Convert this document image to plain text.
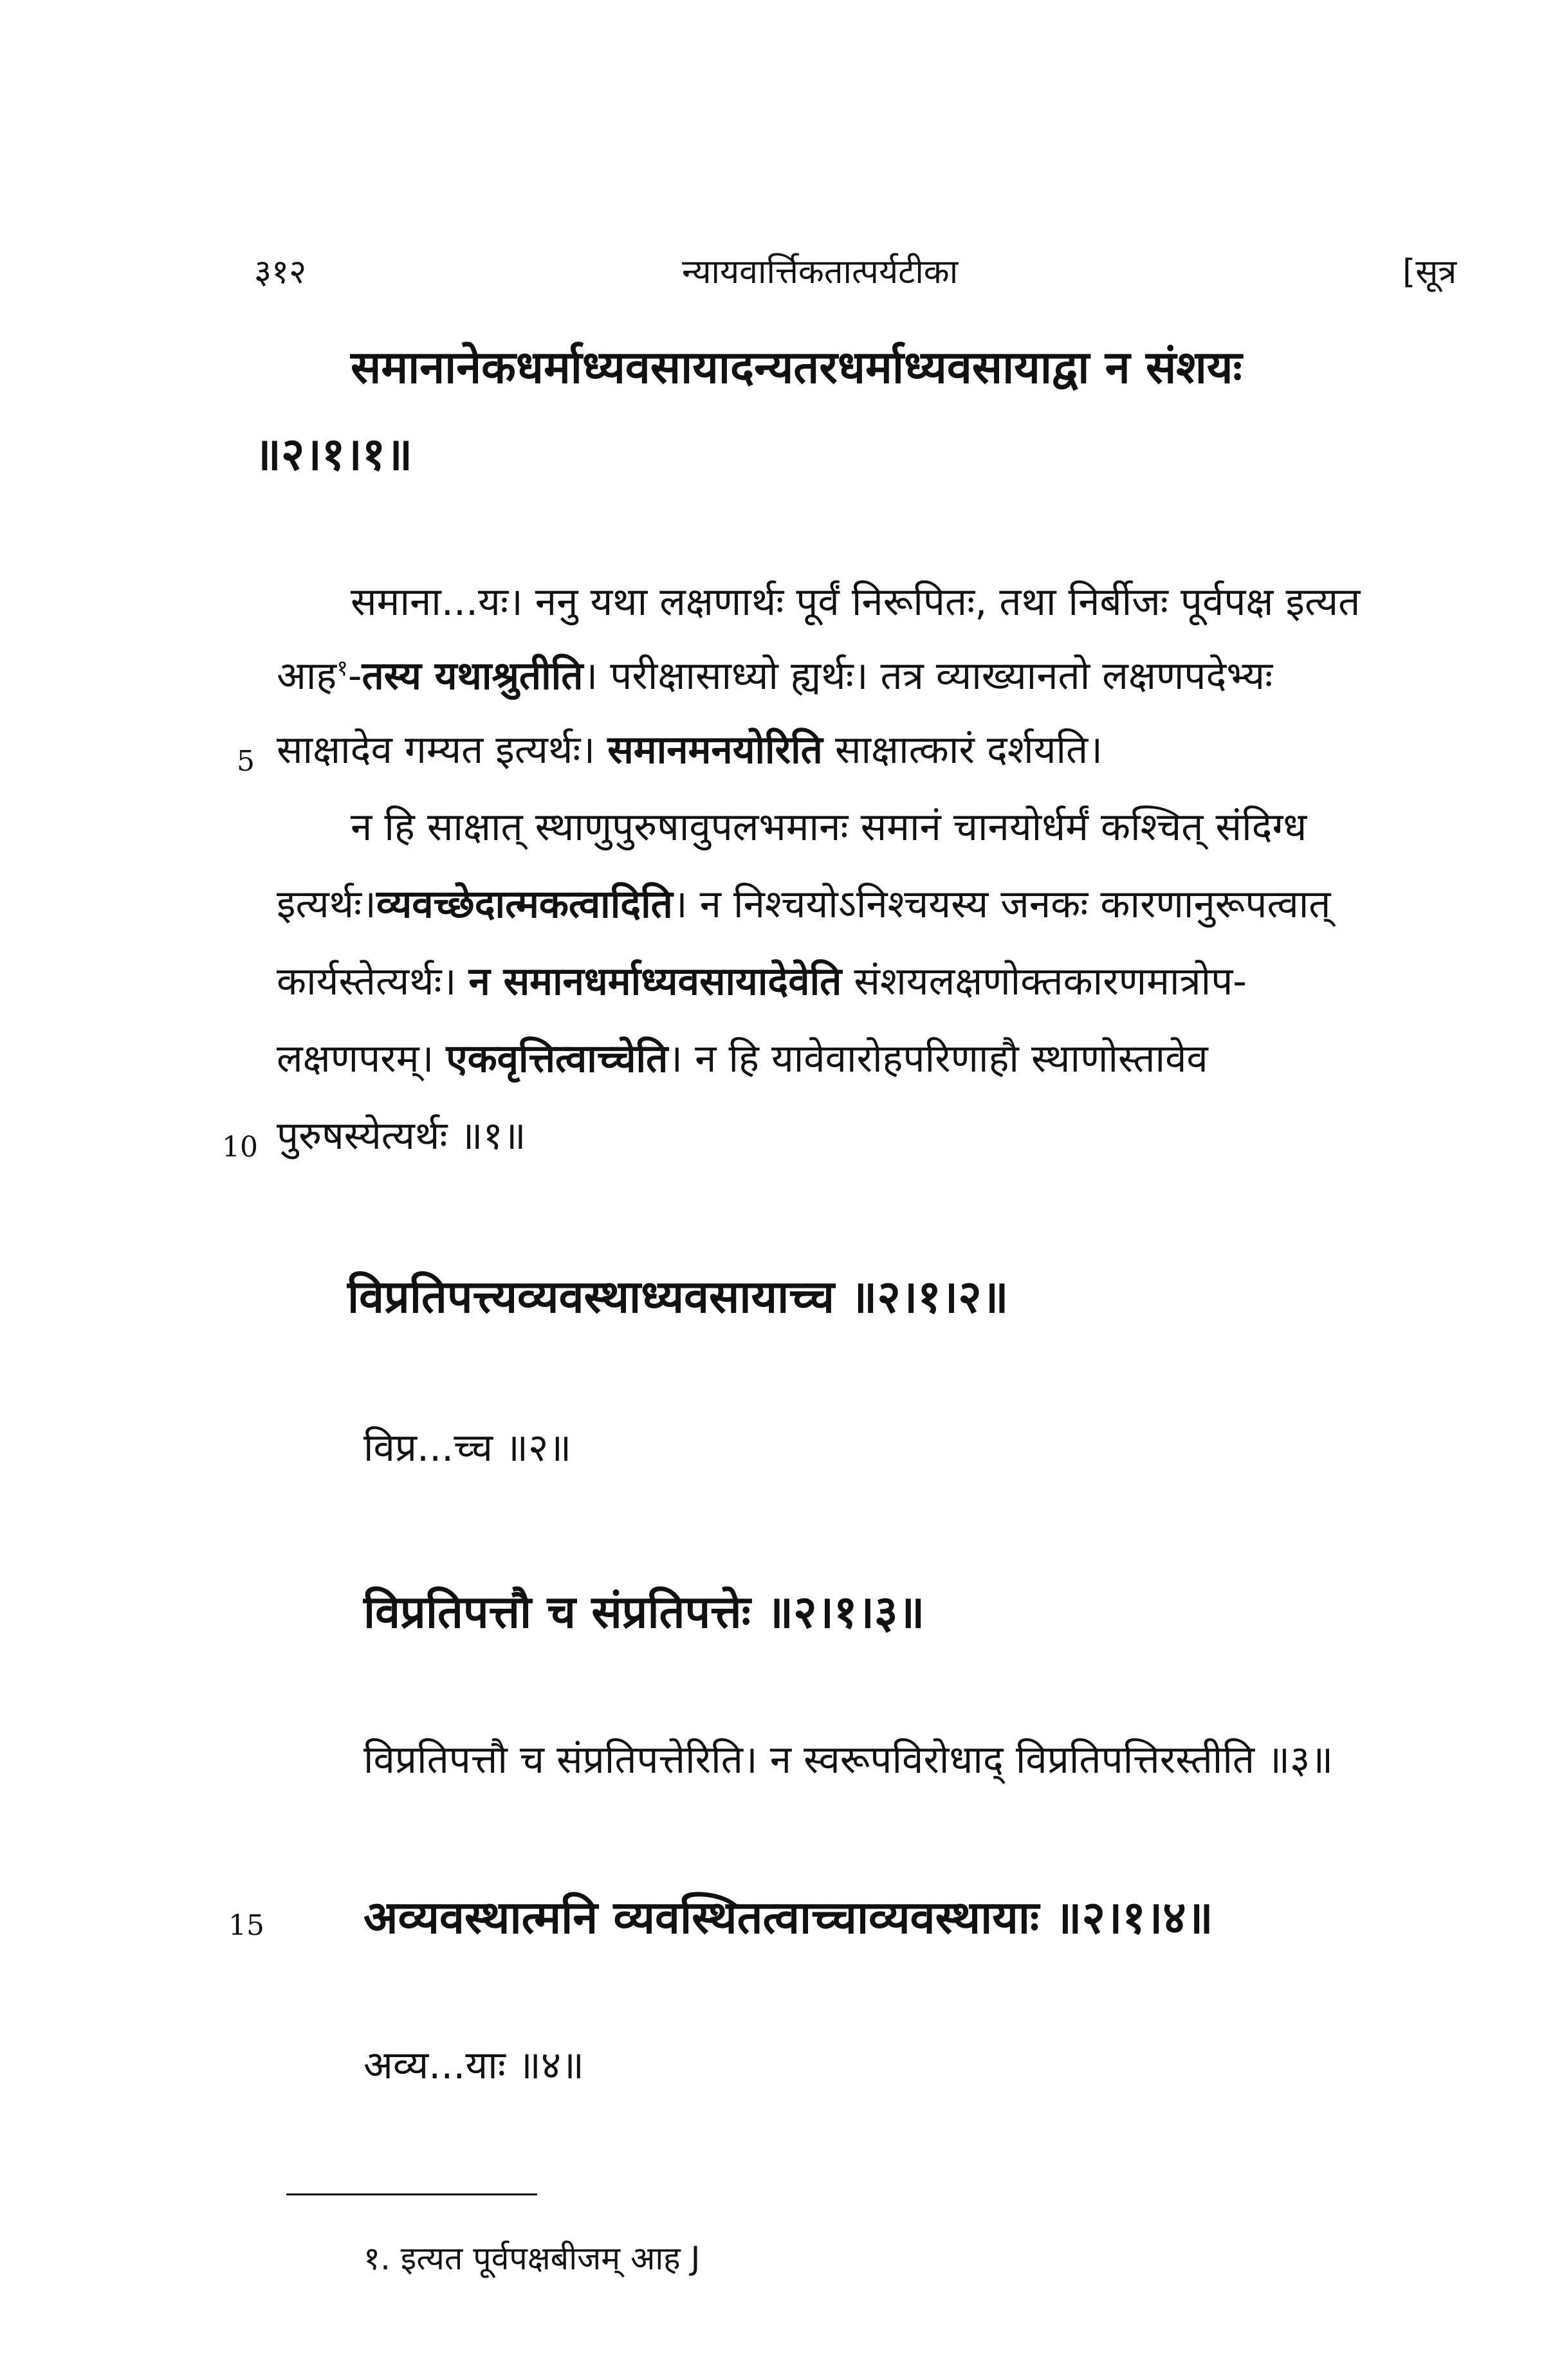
३१२	न्यायवार्त्तिकतात्पर्यटीका	[सूत्र
समानानेकधर्माध्यवसायादन्यतरधर्माध्यवसायाद्वा न संशयः
॥२।१।१॥
समाना...यः। ननु यथा लक्षणार्थः पूर्वं निरूपितः, तथा निर्बीजः पूर्वपक्ष इत्यत
आह$^१$-तस्य यथाश्रुतीति। परीक्षासाध्यो ह्यर्थः। तत्र व्याख्यानतो लक्षणपदेभ्यः
5 साक्षादेव गम्यत इत्यर्थः। समानमनयोरिति साक्षात्कारं दर्शयति।
न हि साक्षात् स्थाणुपुरुषावुपलभमानः समानं चानयोर्धर्मं कश्चित् संदिग्ध
इत्यर्थः।व्यवच्छेदात्मकत्वादिति। न निश्चयोऽनिश्चयस्य जनकः कारणानुरूपत्वात्
कार्यस्तेत्यर्थः। न समानधर्माध्यवसायादेवेति संशयलक्षणोक्तकारणमात्रोप-
लक्षणपरम्। एकवृत्तित्वाच्चेति। न हि यावेवारोहपरिणाहौ स्थाणोस्तावेव
10 पुरुषस्येत्यर्थः ॥१॥
विप्रतिपत्त्यव्यवस्थाध्यवसायाच्च ॥२।१।२॥
विप्र...च्च ॥२॥
विप्रतिपत्तौ च संप्रतिपत्तेः ॥२।१।३॥
विप्रतिपत्तौ च संप्रतिपत्तेरिति। न स्वरूपविरोधाद् विप्रतिपत्तिरस्तीति ॥३॥
15 अव्यवस्थात्मनि व्यवस्थितत्वाच्चाव्यवस्थायाः ॥२।१।४॥
अव्य...याः ॥४॥
१. इत्यत पूर्वपक्षबीजम् आह J
